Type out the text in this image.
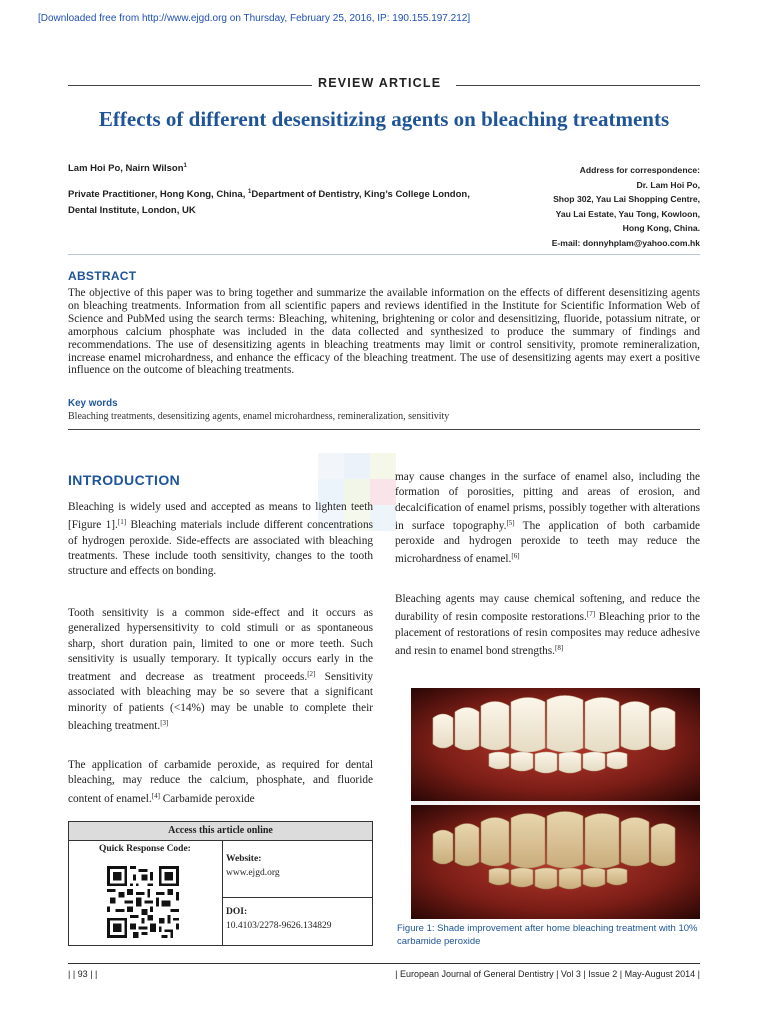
[Downloaded free from http://www.ejgd.org on Thursday, February 25, 2016, IP: 190.155.197.212]
REVIEW ARTICLE
Effects of different desensitizing agents on bleaching treatments
Lam Hoi Po, Nairn Wilson$^1$
Private Practitioner, Hong Kong, China, $^1$Department of Dentistry, King’s College London,
Dental Institute, London, UK
Address for correspondence:
Dr. Lam Hoi Po,
Shop 302, Yau Lai Shopping Centre,
Yau Lai Estate, Yau Tong, Kowloon,
Hong Kong, China.
E-mail: donnyhplam@yahoo.com.hk
ABSTRACT
The objective of this paper was to bring together and summarize the available information on the effects of different desensitizing agents on bleaching treatments. Information from all scientific papers and reviews identified in the Institute for Scientific Information Web of Science and PubMed using the search terms: Bleaching, whitening, brightening or color and desensitizing, fluoride, potassium nitrate, or amorphous calcium phosphate was included in the data collected and synthesized to produce the summary of findings and recommendations. The use of desensitizing agents in bleaching treatments may limit or control sensitivity, promote remineralization, increase enamel microhardness, and enhance the efficacy of the bleaching treatment. The use of desensitizing agents may exert a positive influence on the outcome of bleaching treatments.
Key words
Bleaching treatments, desensitizing agents, enamel microhardness, remineralization, sensitivity
INTRODUCTION
Bleaching is widely used and accepted as means to lighten teeth [Figure 1].[1] Bleaching materials include different concentrations of hydrogen peroxide. Side-effects are associated with bleaching treatments. These include tooth sensitivity, changes to the tooth structure and effects on bonding.
Tooth sensitivity is a common side-effect and it occurs as generalized hypersensitivity to cold stimuli or as spontaneous sharp, short duration pain, limited to one or more teeth. Such sensitivity is usually temporary. It typically occurs early in the treatment and decrease as treatment proceeds.[2] Sensitivity associated with bleaching may be so severe that a significant minority of patients (<14%) may be unable to complete their bleaching treatment.[3]
The application of carbamide peroxide, as required for dental bleaching, may reduce the calcium, phosphate, and fluoride content of enamel.[4] Carbamide peroxide
may cause changes in the surface of enamel also, including the formation of porosities, pitting and areas of erosion, and decalcification of enamel prisms, possibly together with alterations in surface topography.[5] The application of both carbamide peroxide and hydrogen peroxide to teeth may reduce the microhardness of enamel.[6]
Bleaching agents may cause chemical softening, and reduce the durability of resin composite restorations.[7] Bleaching prior to the placement of restorations of resin composites may reduce adhesive and resin to enamel bond strengths.[8]
Access this article online
Quick Response Code:
Website:
www.ejgd.org
DOI:
10.4103/2278-9626.134829	Figure 1: Shade improvement after home bleaching treatment with 10% carbamide peroxide
| | 93 | |	| European Journal of General Dentistry | Vol 3 | Issue 2 | May-August 2014 |
